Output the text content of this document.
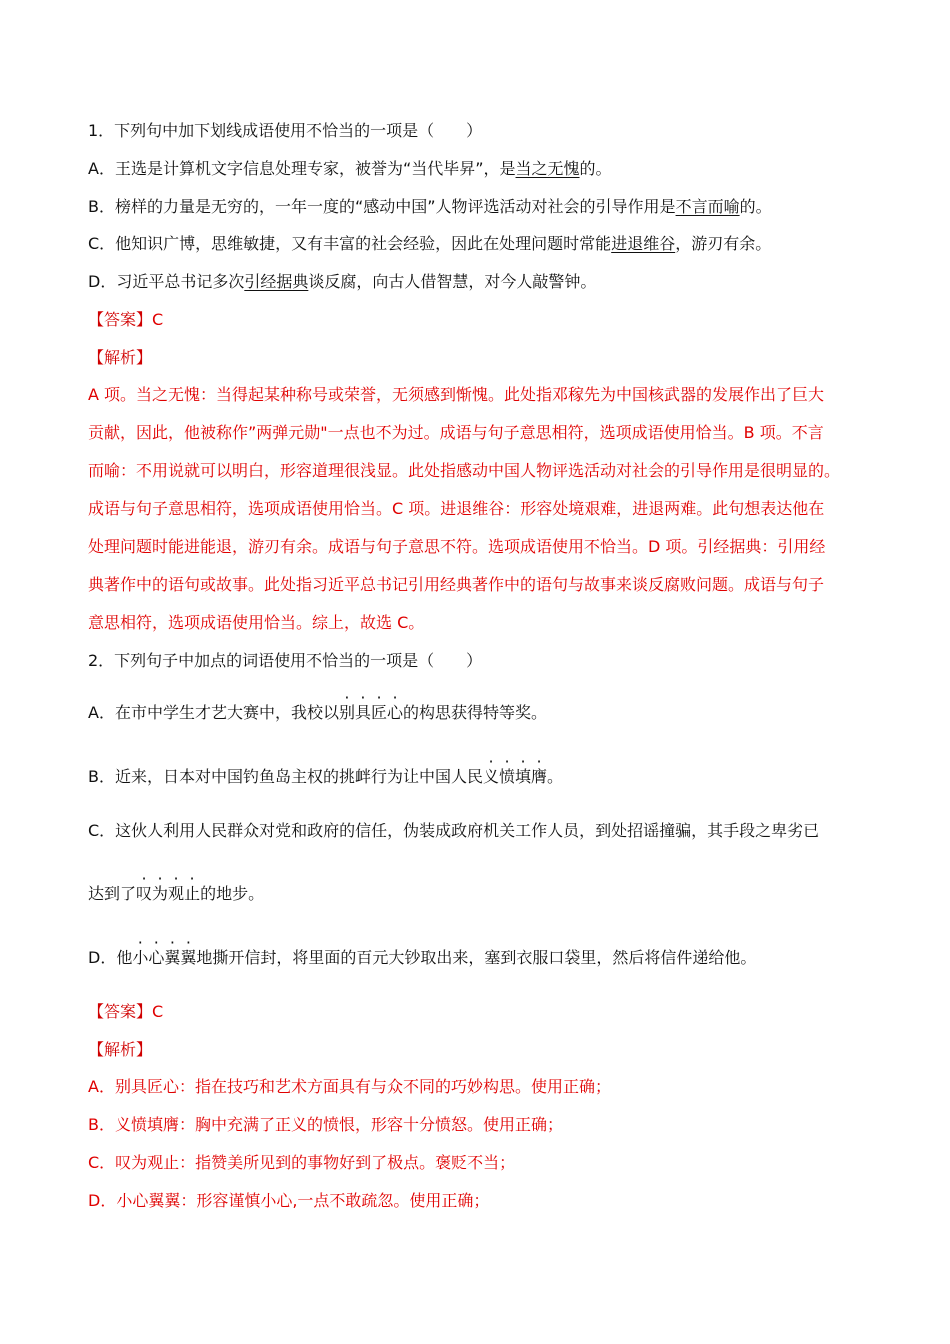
1．下列句中加下划线成语使用不恰当的一项是（　　）
A．王选是计算机文字信息处理专家，被誉为“当代毕昇”，是当之无愧的。
B．榜样的力量是无穷的，一年一度的“感动中国”人物评选活动对社会的引导作用是不言而喻的。
C．他知识广博，思维敏捷，又有丰富的社会经验，因此在处理问题时常能进退维谷，游刃有余。
D．习近平总书记多次引经据典谈反腐，向古人借智慧，对今人敲警钟。
【答案】C
【解析】
A 项。当之无愧：当得起某种称号或荣誉，无须感到惭愧。此处指邓稼先为中国核武器的发展作出了巨大
贡献，因此，他被称作”两弹元勋"一点也不为过。成语与句子意思相符，选项成语使用恰当。B 项。不言
而喻：不用说就可以明白，形容道理很浅显。此处指感动中国人物评选活动对社会的引导作用是很明显的。
成语与句子意思相符，选项成语使用恰当。C 项。进退维谷：形容处境艰难，进退两难。此句想表达他在
处理问题时能进能退，游刃有余。成语与句子意思不符。选项成语使用不恰当。D 项。引经据典：引用经
典著作中的语句或故事。此处指习近平总书记引用经典著作中的语句与故事来谈反腐败问题。成语与句子
意思相符，选项成语使用恰当。综上，故选 C。
2．下列句子中加点的词语使用不恰当的一项是（　　）
A．在市中学生才艺大赛中，我校以别具匠心的构思获得特等奖。
B．近来，日本对中国钓鱼岛主权的挑衅行为让中国人民义愤填膺。
C．这伙人利用人民群众对党和政府的信任，伪装成政府机关工作人员，到处招谣撞骗，其手段之卑劣已
达到了叹为观止的地步。
D．他小心翼翼地撕开信封，将里面的百元大钞取出来，塞到衣服口袋里，然后将信件递给他。
【答案】C
【解析】
A．别具匠心：指在技巧和艺术方面具有与众不同的巧妙构思。使用正确；
B．义愤填膺：胸中充满了正义的愤恨，形容十分愤怒。使用正确；
C．叹为观止：指赞美所见到的事物好到了极点。褒贬不当；
D．小心翼翼：形容谨慎小心,一点不敢疏忽。使用正确；
